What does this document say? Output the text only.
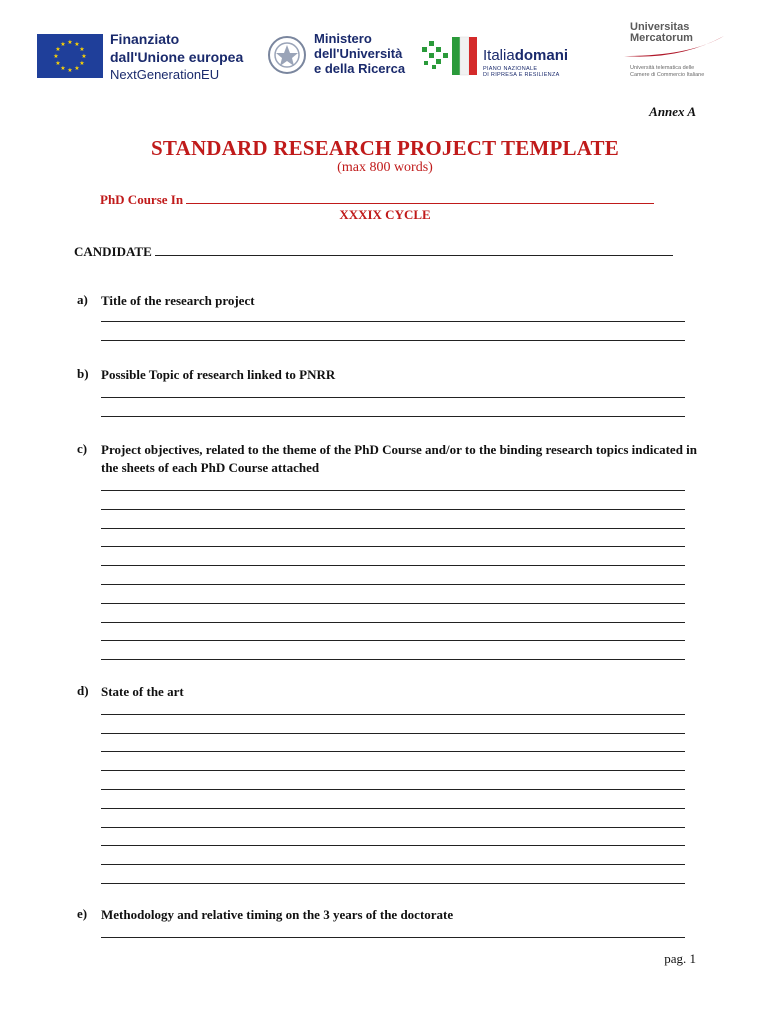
★ ★
★
★
★
★
★
★
★
★
★
★	Finanziato
dall'Unione europea
NextGenerationEU
Ministero
dell'Università
e della Ricerca
Italiadomani
PIANO NAZIONALE
DI RIPRESA E RESILIENZA
Universitas
Mercatorum
Università telematica delle
Camere di Commercio Italiane
Annex A
STANDARD RESEARCH PROJECT TEMPLATE
(max 800 words)
PhD Course In
XXXIX CYCLE
CANDIDATE
a) Title of the research project
b) Possible Topic of research linked to PNRR
c) Project objectives, related to the theme of the PhD Course and/or to the binding research topics indicated in the sheets of each PhD Course attached
d) State of the art
e) Methodology and relative timing on the 3 years of the doctorate
pag. 1
